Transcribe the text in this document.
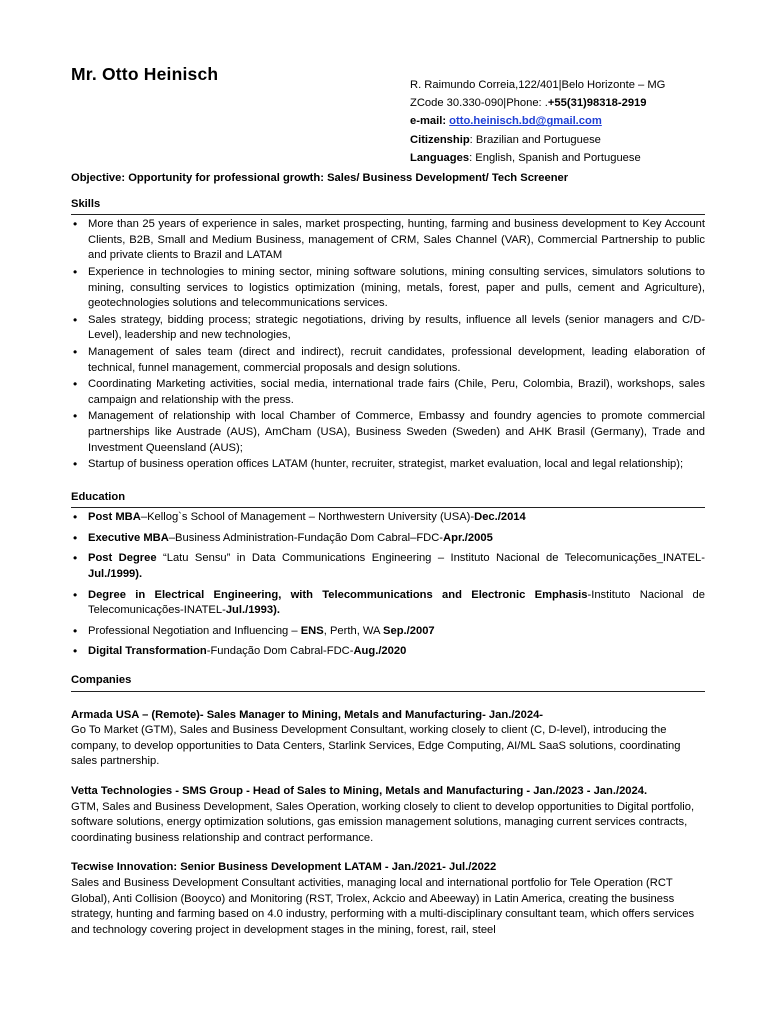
Mr. Otto Heinisch
R. Raimundo Correia,122/401|Belo Horizonte – MG
ZCode 30.330-090|Phone: .+55(31)98318-2919
e-mail: otto.heinisch.bd@gmail.com
Citizenship: Brazilian and Portuguese
Languages: English, Spanish and Portuguese

Objective: Opportunity for professional growth: Sales/ Business Development/ Tech Screener

Skills
• More than 25 years of experience in sales, market prospecting, hunting, farming and business development to Key Account Clients, B2B, Small and Medium Business, management of CRM, Sales Channel (VAR), Commercial Partnership to public and private clients to Brazil and LATAM
• Experience in technologies to mining sector, mining software solutions, mining consulting services, simulators solutions to mining, consulting services to logistics optimization (mining, metals, forest, paper and pulls, cement and Agriculture), geotechnologies solutions and telecommunications services.
• Sales strategy, bidding process; strategic negotiations, driving by results, influence all levels (senior managers and C/D-Level), leadership and new technologies,
• Management of sales team (direct and indirect), recruit candidates, professional development, leading elaboration of technical, funnel management, commercial proposals and design solutions.
• Coordinating Marketing activities, social media, international trade fairs (Chile, Peru, Colombia, Brazil), workshops, sales campaign and relationship with the press.
• Management of relationship with local Chamber of Commerce, Embassy and foundry agencies to promote commercial partnerships like Austrade (AUS), AmCham (USA), Business Sweden (Sweden) and AHK Brasil (Germany), Trade and Investment Queensland (AUS);
• Startup of business operation offices LATAM (hunter, recruiter, strategist, market evaluation, local and legal relationship);
Education
• Post MBA–Kellog`s School of Management – Northwestern University (USA)-Dec./2014
• Executive MBA–Business Administration-Fundação Dom Cabral–FDC-Apr./2005
• Post Degree “Latu Sensu” in Data Communications Engineering – Instituto Nacional de Telecomunicações_INATEL-Jul./1999).
• Degree in Electrical Engineering, with Telecommunications and Electronic Emphasis-Instituto Nacional de Telecomunicações-INATEL-Jul./1993).
• Professional Negotiation and Influencing – ENS, Perth, WA Sep./2007
• Digital Transformation-Fundação Dom Cabral-FDC-Aug./2020
Companies
Armada USA – (Remote)- Sales Manager to Mining, Metals and Manufacturing- Jan./2024-
Go To Market (GTM), Sales and Business Development Consultant, working closely to client (C, D-level), introducing the company, to develop opportunities to Data Centers, Starlink Services, Edge Computing, AI/ML SaaS solutions, coordinating sales partnership.
Vetta Technologies - SMS Group - Head of Sales to Mining, Metals and Manufacturing - Jan./2023 - Jan./2024.
GTM, Sales and Business Development, Sales Operation, working closely to client to develop opportunities to Digital portfolio, software solutions, energy optimization solutions, gas emission management solutions, managing current services contracts, coordinating business relationship and contract performance.
Tecwise Innovation: Senior Business Development LATAM - Jan./2021- Jul./2022
Sales and Business Development Consultant activities, managing local and international portfolio for Tele Operation (RCT Global), Anti Collision (Booyco) and Monitoring (RST, Trolex, Ackcio and Abeeway) in Latin America, creating the business strategy, hunting and farming based on 4.0 industry, performing with a multi-disciplinary consultant team, which offers services and technology covering project in development stages in the mining, forest, rail, steel
